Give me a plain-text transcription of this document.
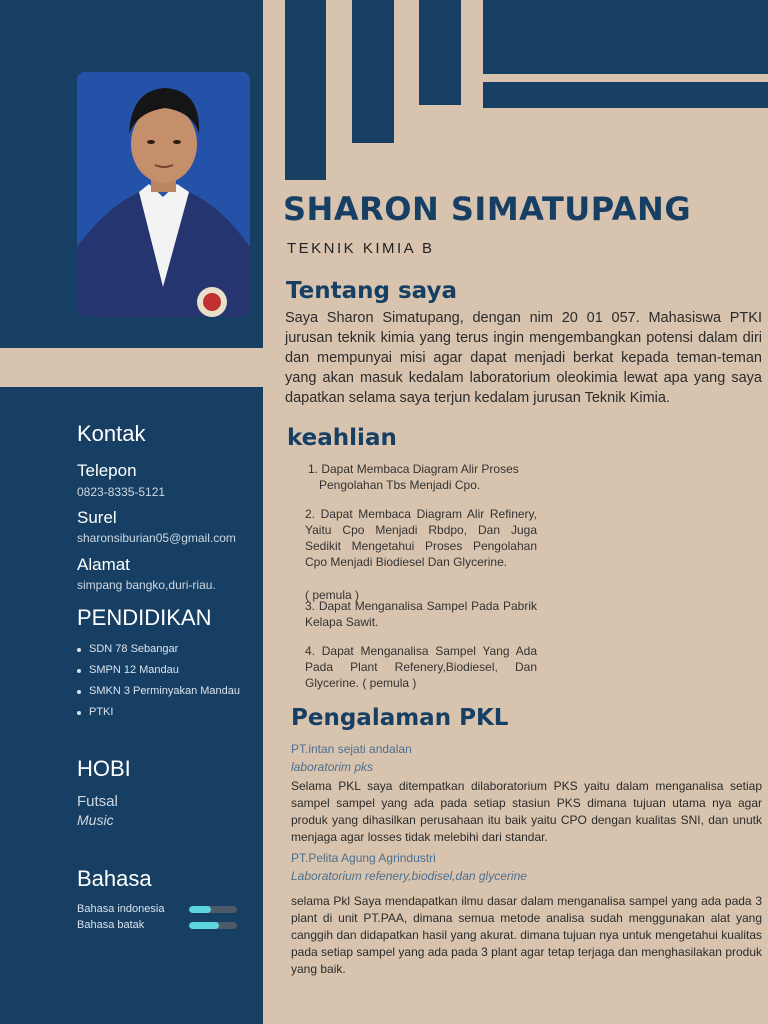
SHARON SIMATUPANG
TEKNIK KIMIA B
Kontak
Telepon
0823-8335-5121
Surel
sharonsiburian05@gmail.com
Alamat
simpang bangko,duri-riau.
PENDIDIKAN
SDN 78 Sebangar
SMPN 12 Mandau
SMKN 3 Perminyakan Mandau
PTKI
HOBI
Futsal
Music
Bahasa
Bahasa indonesia
Bahasa batak
Tentang saya
Saya Sharon Simatupang, dengan nim 20 01 057. Mahasiswa PTKI jurusan teknik kimia yang terus ingin mengembangkan potensi dalam diri dan mempunyai misi agar dapat menjadi berkat kepada teman-teman yang akan masuk kedalam laboratorium oleokimia lewat apa yang saya dapatkan selama saya terjun kedalam jurusan Teknik Kimia.
keahlian
1. Dapat Membaca Diagram Alir Proses
Pengolahan Tbs Menjadi Cpo.
2. Dapat Membaca Diagram Alir Refinery, Yaitu Cpo Menjadi Rbdpo, Dan Juga Sedikit Mengetahui Proses Pengolahan Cpo Menjadi Biodiesel Dan Glycerine.
( pemula )
3. Dapat Menganalisa Sampel Pada Pabrik Kelapa Sawit.
4. Dapat Menganalisa Sampel Yang Ada Pada Plant Refenery,Biodiesel, Dan Glycerine. ( pemula )
Pengalaman PKL
PT.intan sejati andalan
laboratorim pks
Selama PKL saya ditempatkan dilaboratorium PKS yaitu dalam menganalisa setiap sampel sampel yang ada pada setiap stasiun PKS dimana tujuan utama nya agar produk yang dihasilkan perusahaan itu baik yaitu CPO dengan kualitas SNI, dan unutk menjaga agar losses tidak melebihi dari standar.
PT.Pelita Agung Agrindustri
Laboratorium refenery,biodisel,dan glycerine
selama Pkl Saya mendapatkan ilmu dasar dalam menganalisa sampel yang ada pada 3 plant di unit PT.PAA, dimana semua metode analisa sudah menggunakan alat yang canggih dan didapatkan hasil yang akurat. dimana tujuan nya untuk mengetahui kualitas pada setiap sampel yang ada pada 3 plant agar tetap terjaga dan menghasilakan produk yang baik.
